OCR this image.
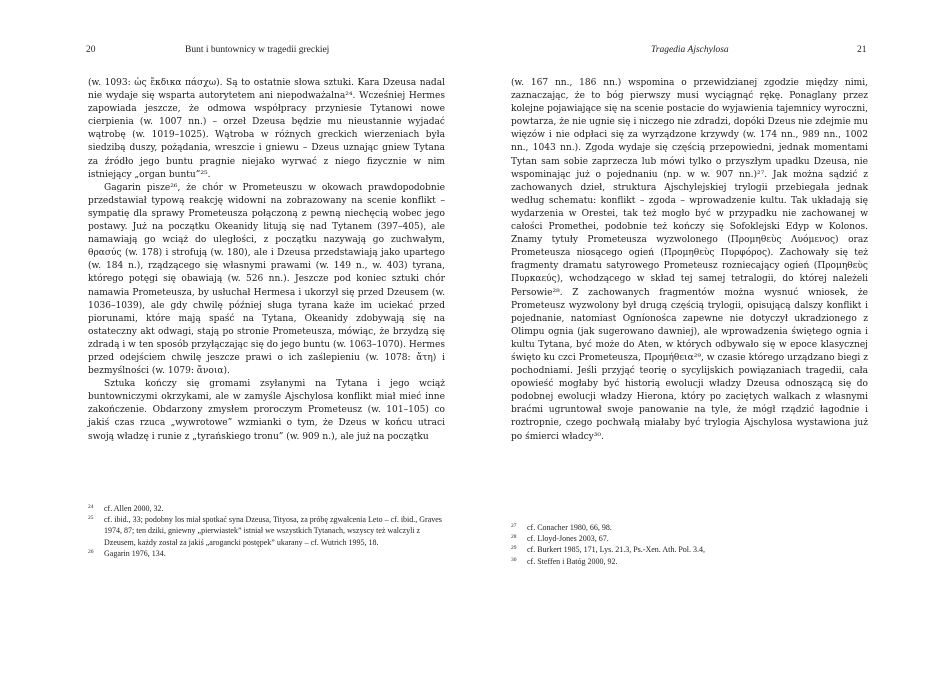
20	Bunt i buntownicy w tragedii greckiej

(w. 1093: ὡς ἔκδικα πάσχω). Są to ostatnie słowa sztuki. Kara Dzeusa nadal nie wydaje się wsparta autorytetem ani niepodważalna²⁴. Wcześniej Hermes zapowiada jeszcze, że odmowa współpracy przyniesie Tytanowi nowe cierpienia (w. 1007 nn.) – orzeł Dzeusa będzie mu nieustannie wyjadać wątrobę (w. 1019–1025). Wątroba w różnych greckich wierzeniach była siedzibą duszy, pożądania, wreszcie i gniewu – Dzeus uznając gniew Tytana za źródło jego buntu pragnie niejako wyrwać z niego fizycznie w nim istniejący „organ buntu”²⁵.

Gagarin pisze²⁶, że chór w Prometeuszu w okowach prawdopodobnie przedstawiał typową reakcję widowni na zobrazowany na scenie konflikt – sympatię dla sprawy Prometeusza połączoną z pewną niechęcią wobec jego postawy. Już na początku Okeanidy litują się nad Tytanem (397–405), ale namawiają go wciąż do uległości, z początku nazywają go zuchwałym, θρασύς (w. 178) i strofują (w. 180), ale i Dzeusa przedstawiają jako upartego (w. 184 n.), rządzącego się własnymi prawami (w. 149 n., w. 403) tyrana, którego potęgi się obawiają (w. 526 nn.). Jeszcze pod koniec sztuki chór namawia Prometeusza, by usłuchał Hermesa i ukorzył się przed Dzeusem (w. 1036–1039), ale gdy chwilę później sługa tyrana każe im uciekać przed piorunami, które mają spaść na Tytana, Okeanidy zdobywają się na ostateczny akt odwagi, stają po stronie Prometeusza, mówiąc, że brzydzą się zdradą i w ten sposób przyłączając się do jego buntu (w. 1063–1070). Hermes przed odejściem chwilę jeszcze prawi o ich zaślepieniu (w. 1078: ἄτη) i bezmyślności (w. 1079: ἄνοια).

Sztuka kończy się gromami zsyłanymi na Tytana i jego wciąż buntowniczymi okrzykami, ale w zamyśle Ajschylosa konflikt miał mieć inne zakończenie. Obdarzony zmysłem proroczym Prometeusz (w. 101–105) co jakiś czas rzuca „wywrotowe” wzmianki o tym, że Dzeus w końcu utraci swoją władzę i runie z „tyrańskiego tronu” (w. 909 n.), ale już na początku

24 cf. Allen 2000, 32.

25 cf. ibid., 33; podobny los miał spotkać syna Dzeusa, Tityosa, za próbę zgwałcenia Leto – cf. ibid., Graves 1974, 87; ten dziki, gniewny „pierwiastek” istniał we wszystkich Tytanach, wszyscy też walczyli z Dzeusem, każdy został za jakiś „arogancki postępek” ukarany – cf. Wutrich 1995, 18.

26 Gagarin 1976, 134.

Tragedia Ajschylosa	21

(w. 167 nn., 186 nn.) wspomina o przewidzianej zgodzie między nimi, zaznaczając, że to bóg pierwszy musi wyciągnąć rękę. Ponaglany przez kolejne pojawiające się na scenie postacie do wyjawienia tajemnicy wyroczni, powtarza, że nie ugnie się i niczego nie zdradzi, dopóki Dzeus nie zdejmie mu więzów i nie odpłaci się za wyrządzone krzywdy (w. 174 nn., 989 nn., 1002 nn., 1043 nn.). Zgoda wydaje się częścią przepowiedni, jednak momentami Tytan sam sobie zaprzecza lub mówi tylko o przyszłym upadku Dzeusa, nie wspominając już o pojednaniu (np. w w. 907 nn.)²⁷. Jak można sądzić z zachowanych dzieł, struktura Ajschylejskiej trylogii przebiegała jednak według schematu: konflikt – zgoda – wprowadzenie kultu. Tak układają się wydarzenia w Orestei, tak też mogło być w przypadku nie zachowanej w całości Promethei, podobnie też kończy się Sofoklejski Edyp w Kolonos. Znamy tytuły Prometeusza wyzwolonego (Προμηθεὺς Λυόμενος) oraz Prometeusza niosącego ogień (Προμηθεὺς Πυρφόρος). Zachowały się też fragmenty dramatu satyrowego Prometeusz rozniecający ogień (Προμηθεὺς Πυρκαεύς), wchodzącego w skład tej samej tetralogii, do której należeli Persowie²⁸. Z zachowanych fragmentów można wysnuć wniosek, że Prometeusz wyzwolony był drugą częścią trylogii, opisującą dalszy konflikt i pojednanie, natomiast Ogníonośca zapewne nie dotyczył ukradzionego z Olimpu ognia (jak sugerowano dawniej), ale wprowadzenia świętego ognia i kultu Tytana, być może do Aten, w których odbywało się w epoce klasycznej święto ku czci Prometeusza, Προμήθεια²⁹, w czasie którego urządzano biegi z pochodniami. Jeśli przyjąć teorię o sycylijskich powiązaniach tragedii, cała opowieść mogłaby być historią ewolucji władzy Dzeusa odnoszącą się do podobnej ewolucji władzy Hierona, który po zaciętych walkach z własnymi braćmi ugruntował swoje panowanie na tyle, że mógł rządzić łagodnie i roztropnie, czego pochwałą miałaby być trylogia Ajschylosa wystawiona już po śmierci władcy³⁰.

27 cf. Conacher 1980, 66, 98.

28 cf. Lloyd-Jones 2003, 67.

29 cf. Burkert 1985, 171, Lys. 21.3, Ps.-Xen. Ath. Pol. 3.4,

30 cf. Steffen i Batóg 2000, 92.
